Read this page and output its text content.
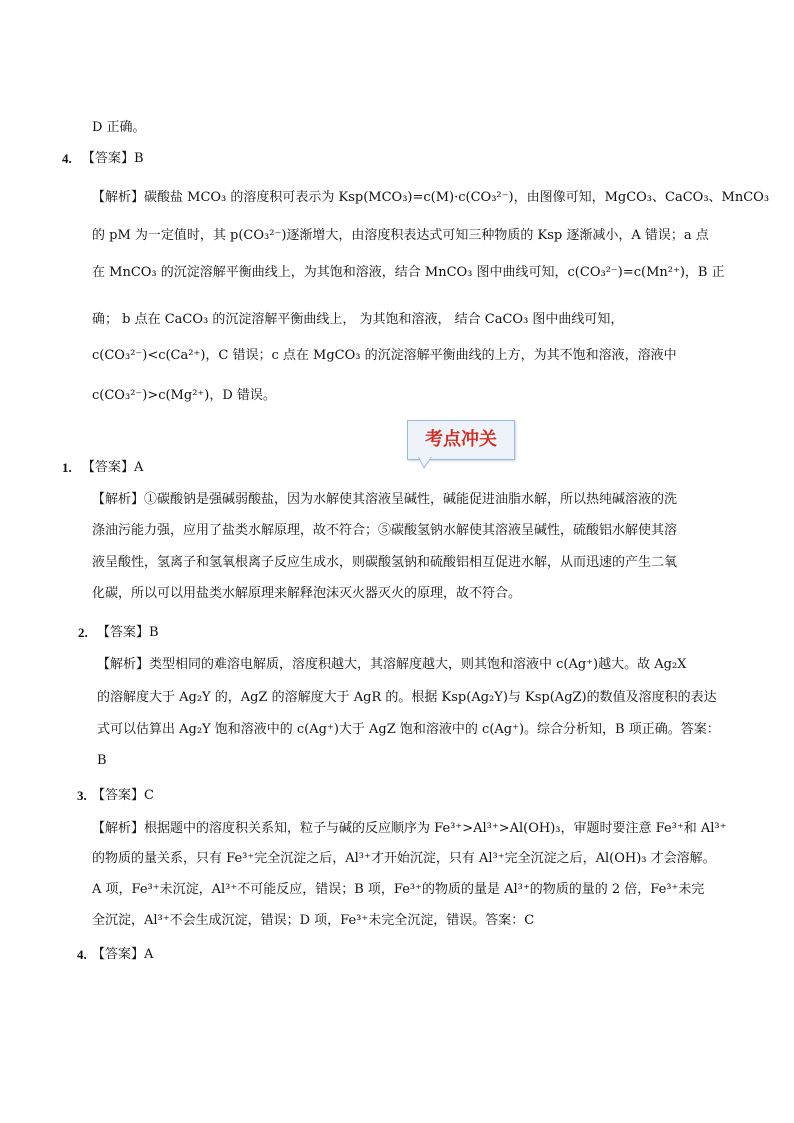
D 正确。
4. 【答案】B
【解析】碳酸盐 MCO₃ 的溶度积可表示为 Ksp(MCO₃)=c(M)·c(CO₃²⁻)，由图像可知，MgCO₃、CaCO₃、MnCO₃
的 pM 为一定值时，其 p(CO₃²⁻)逐渐增大，由溶度积表达式可知三种物质的 Ksp 逐渐减小，A 错误；a 点
在 MnCO₃ 的沉淀溶解平衡曲线上，为其饱和溶液，结合 MnCO₃ 图中曲线可知，c(CO₃²⁻)=c(Mn²⁺)，B 正
确； b 点在 CaCO₃ 的沉淀溶解平衡曲线上， 为其饱和溶液， 结合 CaCO₃ 图中曲线可知，
c(CO₃²⁻)<c(Ca²⁺)，C 错误；c 点在 MgCO₃ 的沉淀溶解平衡曲线的上方，为其不饱和溶液，溶液中
c(CO₃²⁻)>c(Mg²⁺)，D 错误。
考点冲关
1. 【答案】A
【解析】①碳酸钠是强碱弱酸盐，因为水解使其溶液呈碱性，碱能促进油脂水解，所以热纯碱溶液的洗
涤油污能力强，应用了盐类水解原理，故不符合；⑤碳酸氢钠水解使其溶液呈碱性，硫酸铝水解使其溶
液呈酸性，氢离子和氢氧根离子反应生成水，则碳酸氢钠和硫酸铝相互促进水解，从而迅速的产生二氧
化碳，所以可以用盐类水解原理来解释泡沫灭火器灭火的原理，故不符合。
2. 【答案】B
【解析】类型相同的难溶电解质，溶度积越大，其溶解度越大，则其饱和溶液中 c(Ag⁺)越大。故 Ag₂X
的溶解度大于 Ag₂Y 的，AgZ 的溶解度大于 AgR 的。根据 Ksp(Ag₂Y)与 Ksp(AgZ)的数值及溶度积的表达
式可以估算出 Ag₂Y 饱和溶液中的 c(Ag⁺)大于 AgZ 饱和溶液中的 c(Ag⁺)。综合分析知，B 项正确。答案：
B
3. 【答案】C
【解析】根据题中的溶度积关系知，粒子与碱的反应顺序为 Fe³⁺>Al³⁺>Al(OH)₃，审题时要注意 Fe³⁺和 Al³⁺
的物质的量关系，只有 Fe³⁺完全沉淀之后，Al³⁺才开始沉淀，只有 Al³⁺完全沉淀之后，Al(OH)₃ 才会溶解。
A 项，Fe³⁺未沉淀，Al³⁺不可能反应，错误；B 项，Fe³⁺的物质的量是 Al³⁺的物质的量的 2 倍，Fe³⁺未完
全沉淀，Al³⁺不会生成沉淀，错误；D 项，Fe³⁺未完全沉淀，错误。答案：C
4. 【答案】A
